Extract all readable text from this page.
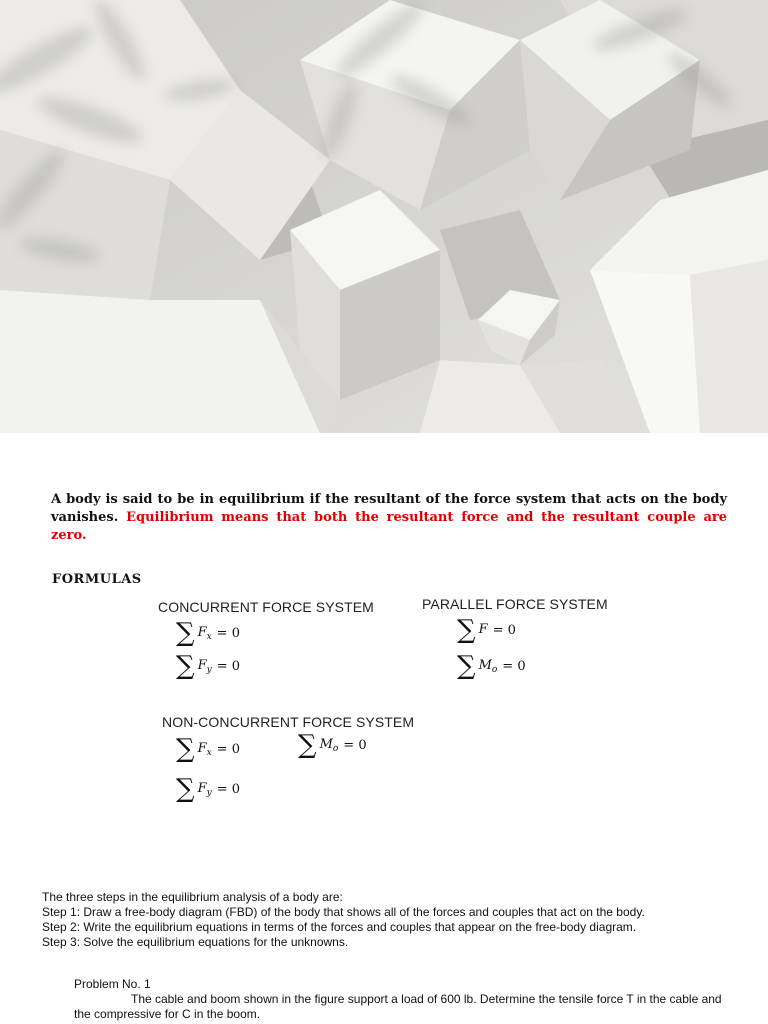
A body is said to be in equilibrium if the resultant of the force system that acts on the body vanishes. Equilibrium means that both the resultant force and the resultant couple are zero.
FORMULAS
CONCURRENT FORCE SYSTEM
∑ $F_x = 0$
∑ $F_y = 0$
PARALLEL FORCE SYSTEM
∑ F = 0
∑ $M_o = 0$
NON-CONCURRENT FORCE SYSTEM
∑ $F_x = 0$
∑ $F_y = 0$
∑ $M_o = 0$
The three steps in the equilibrium analysis of a body are:
Step 1: Draw a free-body diagram (FBD) of the body that shows all of the forces and couples that act on the body.
Step 2: Write the equilibrium equations in terms of the forces and couples that appear on the free-body diagram.
Step 3: Solve the equilibrium equations for the unknowns.
Problem No. 1
The cable and boom shown in the figure support a load of 600 lb. Determine the tensile force T in the cable and the compressive for C in the boom.
